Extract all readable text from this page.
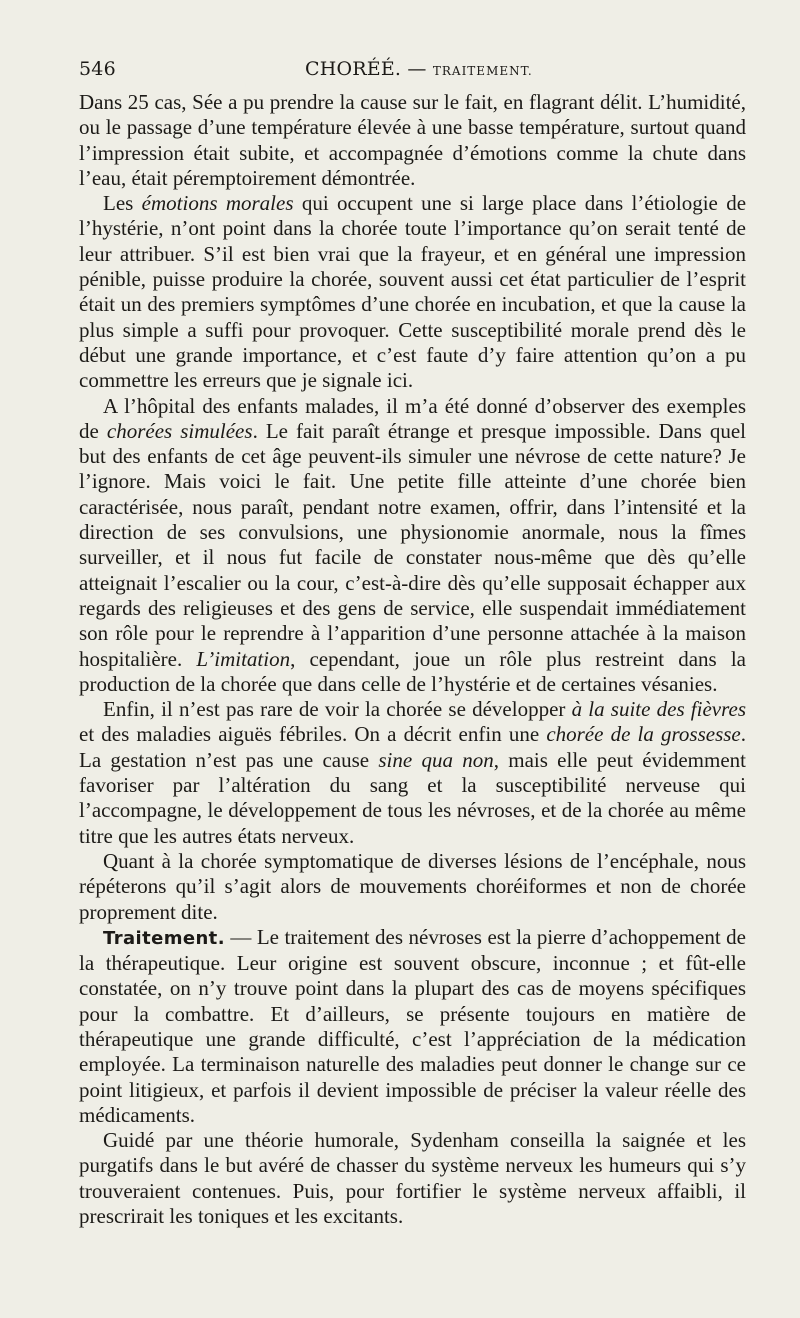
546	CHORÉÉ. — TRAITEMENT.

Dans 25 cas, Sée a pu prendre la cause sur le fait, en flagrant délit. L’humidité, ou le passage d’une température élevée à une basse température, surtout quand l’impression était subite, et accompagnée d’émotions comme la chute dans l’eau, était péremptoirement démontrée.

Les émotions morales qui occupent une si large place dans l’étiologie de l’hystérie, n’ont point dans la chorée toute l’importance qu’on serait tenté de leur attribuer. S’il est bien vrai que la frayeur, et en général une impression pénible, puisse produire la chorée, souvent aussi cet état particulier de l’esprit était un des premiers symptômes d’une chorée en incubation, et que la cause la plus simple a suffi pour provoquer. Cette susceptibilité morale prend dès le début une grande importance, et c’est faute d’y faire attention qu’on a pu commettre les erreurs que je signale ici.

A l’hôpital des enfants malades, il m’a été donné d’observer des exemples de chorées simulées. Le fait paraît étrange et presque impossible. Dans quel but des enfants de cet âge peuvent-ils simuler une névrose de cette nature? Je l’ignore. Mais voici le fait. Une petite fille atteinte d’une chorée bien caractérisée, nous paraît, pendant notre examen, offrir, dans l’intensité et la direction de ses convulsions, une physionomie anormale, nous la fîmes surveiller, et il nous fut facile de constater nous-même que dès qu’elle atteignait l’escalier ou la cour, c’est-à-dire dès qu’elle supposait échapper aux regards des religieuses et des gens de service, elle suspendait immédiatement son rôle pour le reprendre à l’apparition d’une personne attachée à la maison hospitalière. L’imitation, cependant, joue un rôle plus restreint dans la production de la chorée que dans celle de l’hystérie et de certaines vésanies.

Enfin, il n’est pas rare de voir la chorée se développer à la suite des fièvres et des maladies aiguës fébriles. On a décrit enfin une chorée de la grossesse. La gestation n’est pas une cause sine qua non, mais elle peut évidemment favoriser par l’altération du sang et la susceptibilité nerveuse qui l’accompagne, le développement de tous les névroses, et de la chorée au même titre que les autres états nerveux.

Quant à la chorée symptomatique de diverses lésions de l’encéphale, nous répéterons qu’il s’agit alors de mouvements choréiformes et non de chorée proprement dite.

Traitement. — Le traitement des névroses est la pierre d’achoppement de la thérapeutique. Leur origine est souvent obscure, inconnue ; et fût-elle constatée, on n’y trouve point dans la plupart des cas de moyens spécifiques pour la combattre. Et d’ailleurs, se présente toujours en matière de thérapeutique une grande difficulté, c’est l’appréciation de la médication employée. La terminaison naturelle des maladies peut donner le change sur ce point litigieux, et parfois il devient impossible de préciser la valeur réelle des médicaments.

Guidé par une théorie humorale, Sydenham conseilla la saignée et les purgatifs dans le but avéré de chasser du système nerveux les humeurs qui s’y trouveraient contenues. Puis, pour fortifier le système nerveux affaibli, il prescrirait les toniques et les excitants.
